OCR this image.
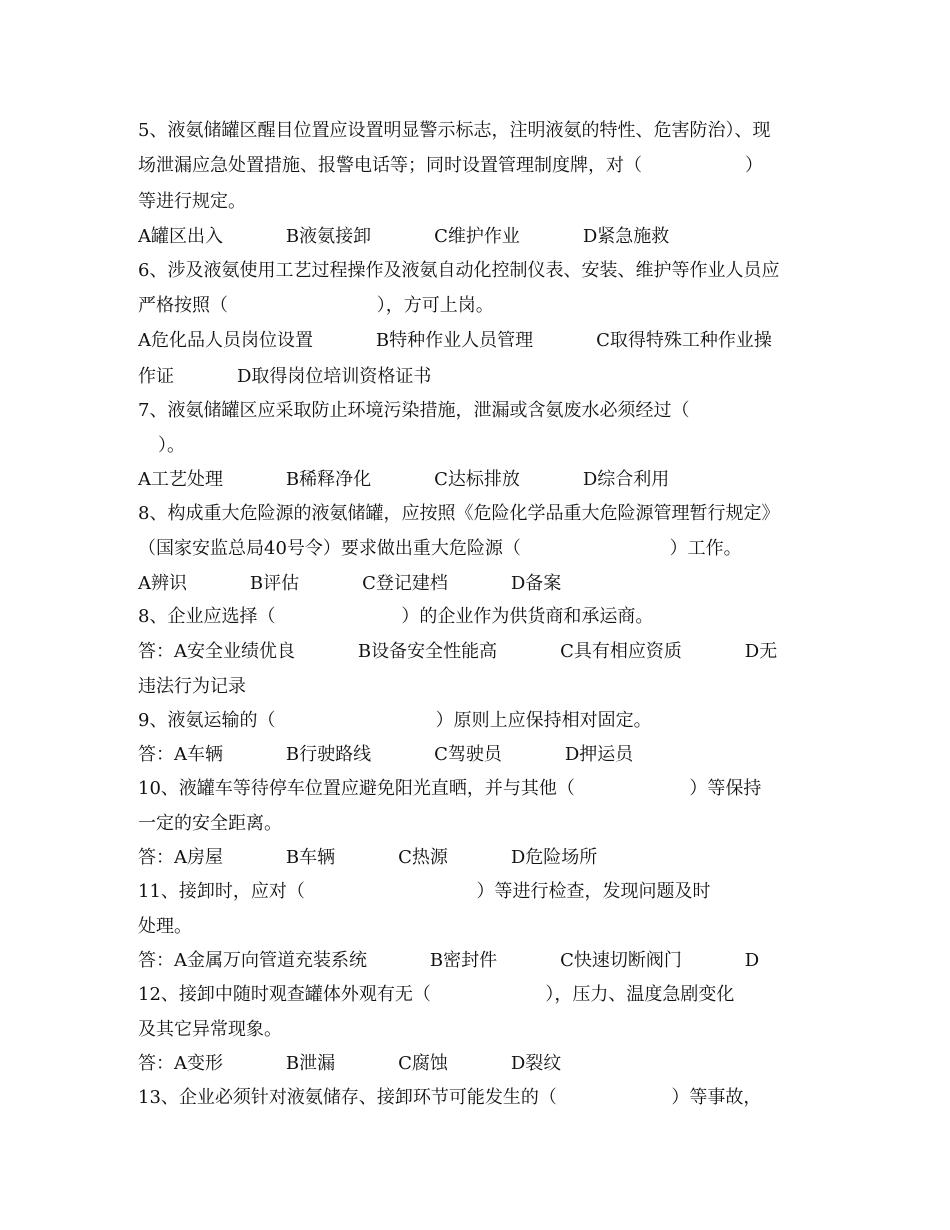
5、液氨储罐区醒目位置应设置明显警示标志，注明液氨的特性、危害防治）、现
场泄漏应急处置措施、报警电话等；同时设置管理制度牌，对（                  ）
等进行规定。
A罐区出入           B液氨接卸           C维护作业           D紧急施救
6、涉及液氨使用工艺过程操作及液氨自动化控制仪表、安装、维护等作业人员应
严格按照（                          ），方可上岗。
A危化品人员岗位设置           B特种作业人员管理           C取得特殊工种作业操
作证           D取得岗位培训资格证书
7、液氨储罐区应采取防止环境污染措施，泄漏或含氨废水必须经过（
）。
A工艺处理           B稀释净化           C达标排放           D综合利用
8、构成重大危险源的液氨储罐，应按照《危险化学品重大危险源管理暂行规定》
（国家安监总局40号令）要求做出重大危险源（                          ）工作。
A辨识           B评估           C登记建档           D备案
8、企业应选择（                      ）的企业作为供货商和承运商。
答：A安全业绩优良           B设备安全性能高           C具有相应资质           D无
违法行为记录
9、液氨运输的（                            ）原则上应保持相对固定。
答：A车辆           B行驶路线           C驾驶员           D押运员
10、液罐车等待停车位置应避免阳光直晒，并与其他（                    ）等保持
一定的安全距离。
答：A房屋           B车辆           C热源           D危险场所
11、接卸时，应对（                              ）等进行检查，发现问题及时
处理。
答：A金属万向管道充装系统           B密封件           C快速切断阀门           D
12、接卸中随时观查罐体外观有无（                    ），压力、温度急剧变化
及其它异常现象。
答：A变形           B泄漏           C腐蚀           D裂纹
13、企业必须针对液氨储存、接卸环节可能发生的（                    ）等事故，
